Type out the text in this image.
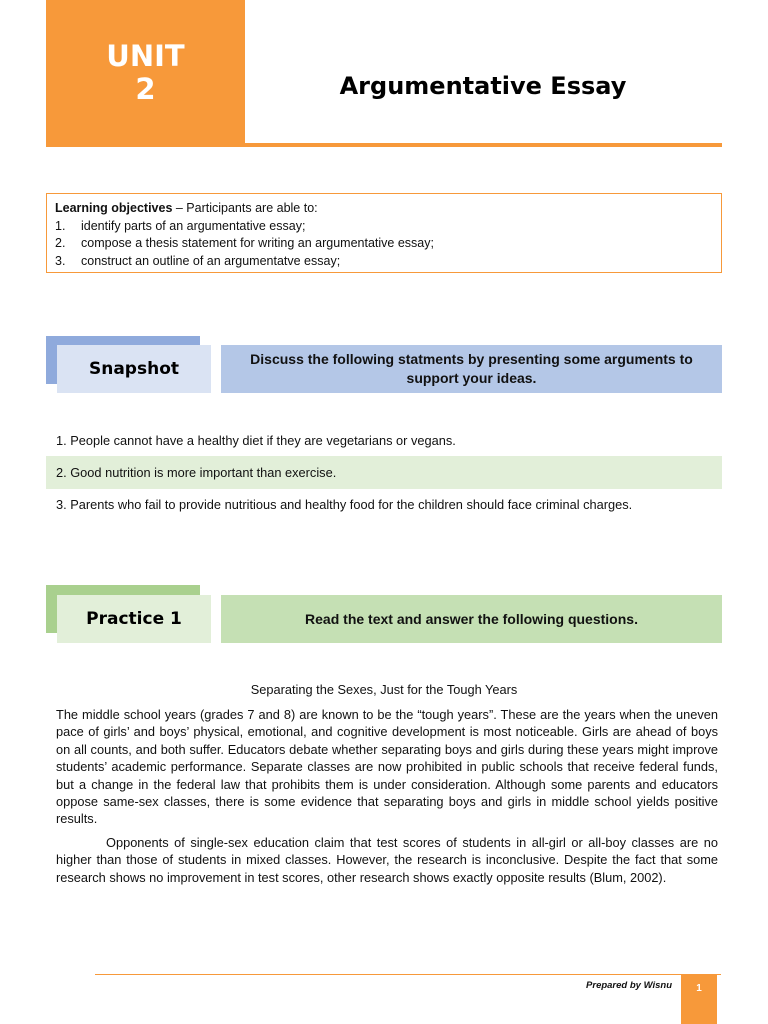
UNIT
2	Argumentative Essay
Learning objectives – Participants are able to:
1.	identify parts of an argumentative essay;
2.	compose a thesis statement for writing an argumentative essay;
3.	construct an outline of an argumentatve essay;
Snapshot	Discuss the following statments by presenting some arguments to support your ideas.
1. People cannot have a healthy diet if they are vegetarians or vegans.
2. Good nutrition is more important than exercise.
3. Parents who fail to provide nutritious and healthy food for the children should face criminal charges.
Practice 1	Read the text and answer the following questions.
Separating the Sexes, Just for the Tough Years

The middle school years (grades 7 and 8) are known to be the “tough years”. These are the years when the uneven pace of girls’ and boys’ physical, emotional, and cognitive development is most noticeable. Girls are ahead of boys on all counts, and both suffer. Educators debate whether separating boys and girls during these years might improve students’ academic performance. Separate classes are now prohibited in public schools that receive federal funds, but a change in the federal law that prohibits them is under consideration. Although some parents and educators oppose same-sex classes, there is some evidence that separating boys and girls in middle school yields positive results.

Opponents of single-sex education claim that test scores of students in all-girl or all-boy classes are no higher than those of students in mixed classes. However, the research is inconclusive. Despite the fact that some research shows no improvement in test scores, other research shows exactly opposite results (Blum, 2002).

Prepared by Wisnu	1
